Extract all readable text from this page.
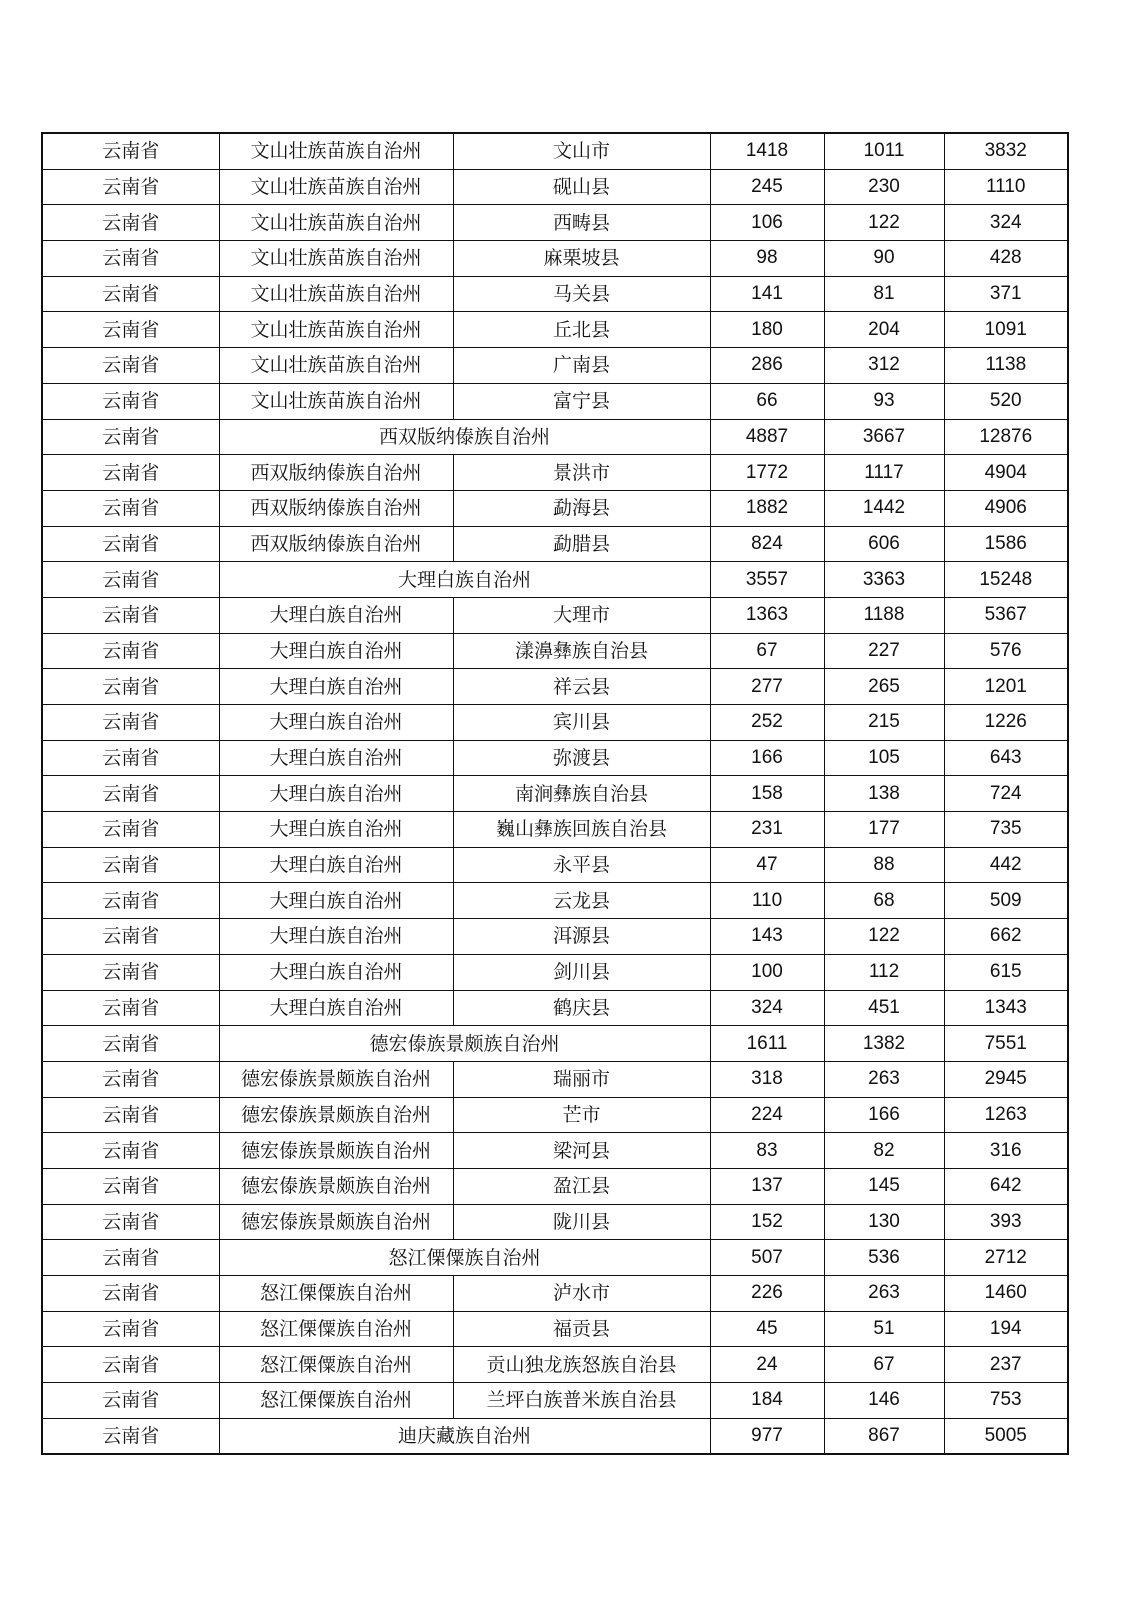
云南省	文山壮族苗族自治州	文山市	1418	1011	3832
云南省	文山壮族苗族自治州	砚山县	245	230	1110
云南省	文山壮族苗族自治州	西畴县	106	122	324
云南省	文山壮族苗族自治州	麻栗坡县	98	90	428
云南省	文山壮族苗族自治州	马关县	141	81	371
云南省	文山壮族苗族自治州	丘北县	180	204	1091
云南省	文山壮族苗族自治州	广南县	286	312	1138
云南省	文山壮族苗族自治州	富宁县	66	93	520
云南省	西双版纳傣族自治州		4887	3667	12876
云南省	西双版纳傣族自治州	景洪市	1772	1117	4904
云南省	西双版纳傣族自治州	勐海县	1882	1442	4906
云南省	西双版纳傣族自治州	勐腊县	824	606	1586
云南省	大理白族自治州		3557	3363	15248
云南省	大理白族自治州	大理市	1363	1188	5367
云南省	大理白族自治州	漾濞彝族自治县	67	227	576
云南省	大理白族自治州	祥云县	277	265	1201
云南省	大理白族自治州	宾川县	252	215	1226
云南省	大理白族自治州	弥渡县	166	105	643
云南省	大理白族自治州	南涧彝族自治县	158	138	724
云南省	大理白族自治州	巍山彝族回族自治县	231	177	735
云南省	大理白族自治州	永平县	47	88	442
云南省	大理白族自治州	云龙县	110	68	509
云南省	大理白族自治州	洱源县	143	122	662
云南省	大理白族自治州	剑川县	100	112	615
云南省	大理白族自治州	鹤庆县	324	451	1343
云南省	德宏傣族景颇族自治州		1611	1382	7551
云南省	德宏傣族景颇族自治州	瑞丽市	318	263	2945
云南省	德宏傣族景颇族自治州	芒市	224	166	1263
云南省	德宏傣族景颇族自治州	梁河县	83	82	316
云南省	德宏傣族景颇族自治州	盈江县	137	145	642
云南省	德宏傣族景颇族自治州	陇川县	152	130	393
云南省	怒江傈僳族自治州		507	536	2712
云南省	怒江傈僳族自治州	泸水市	226	263	1460
云南省	怒江傈僳族自治州	福贡县	45	51	194
云南省	怒江傈僳族自治州	贡山独龙族怒族自治县	24	67	237
云南省	怒江傈僳族自治州	兰坪白族普米族自治县	184	146	753
云南省	迪庆藏族自治州		977	867	5005
